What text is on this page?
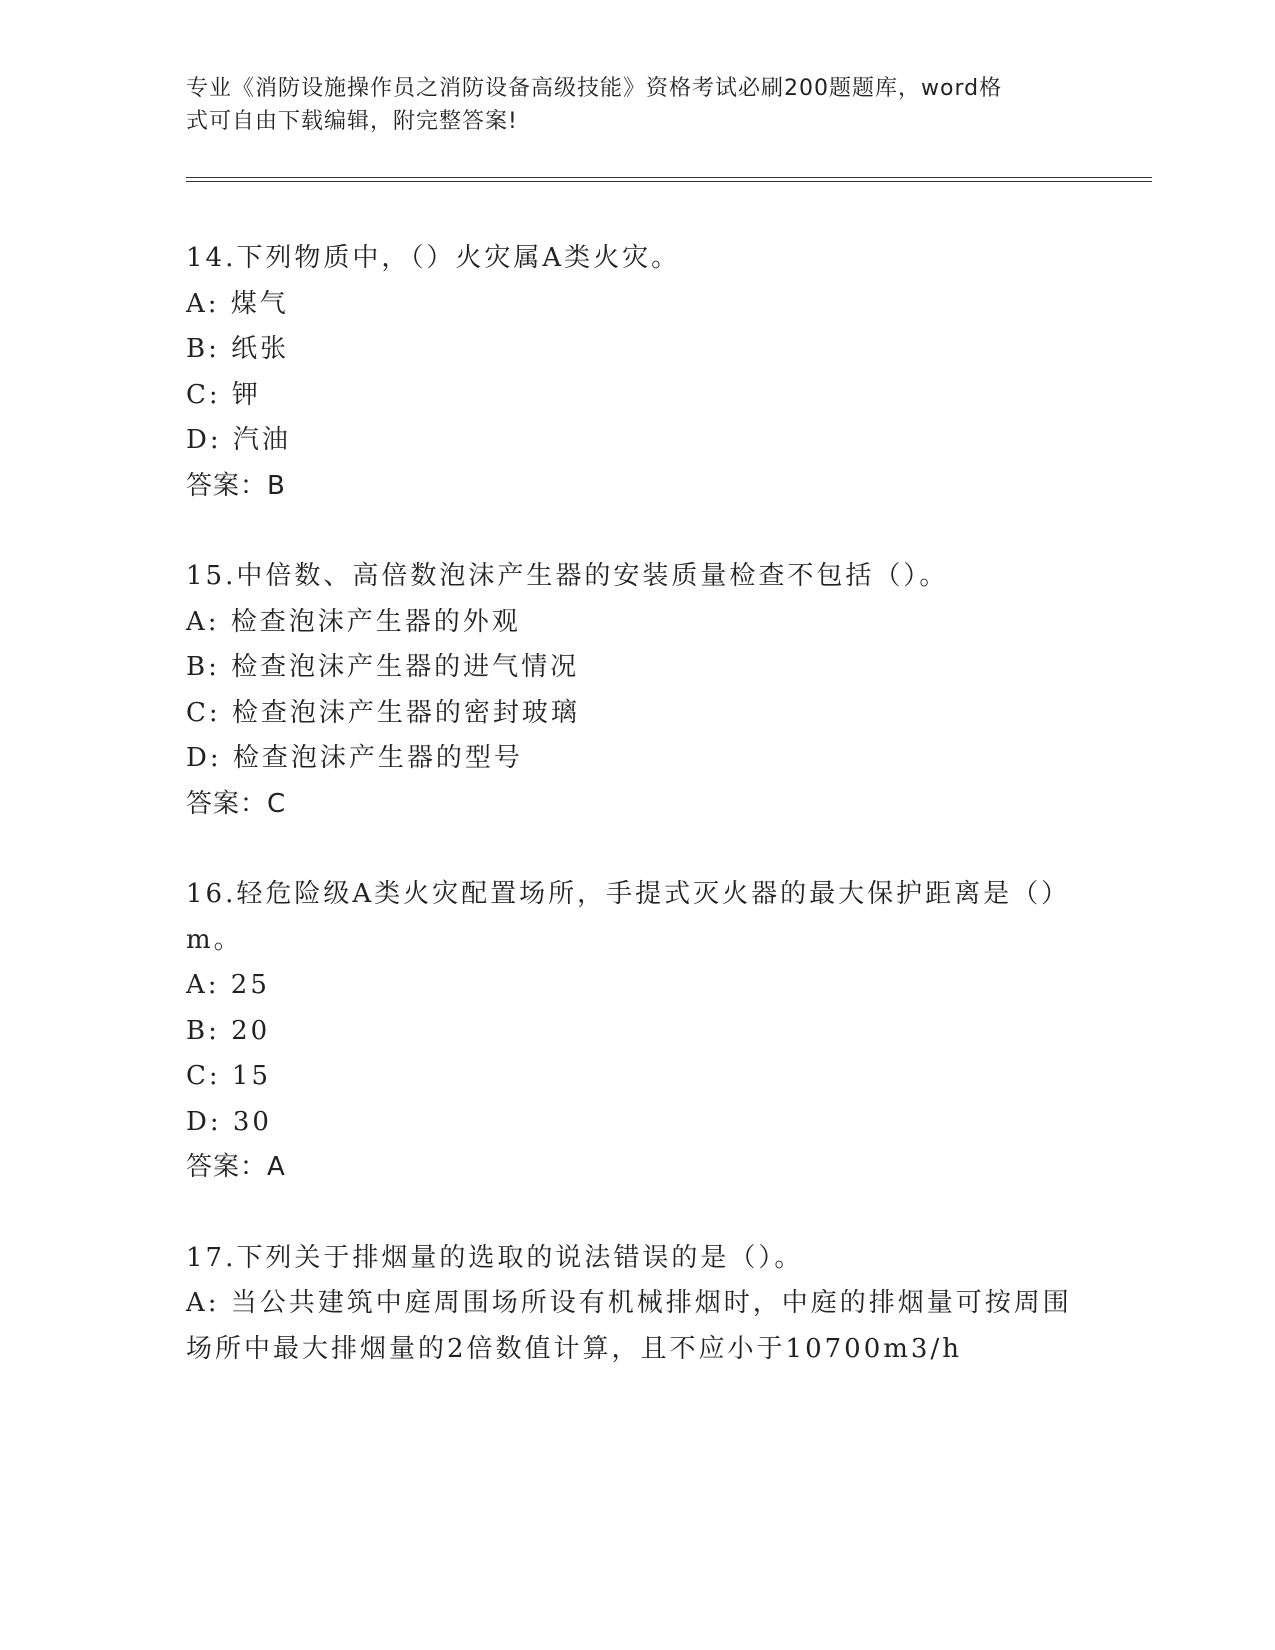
专业《消防设施操作员之消防设备高级技能》资格考试必刷200题题库，word格
式可自由下载编辑，附完整答案!
14.下列物质中，（）火灾属A类火灾。
A: 煤气
B: 纸张
C: 钾
D: 汽油
答案：B
15.中倍数、高倍数泡沫产生器的安装质量检查不包括（）。
A: 检查泡沫产生器的外观
B: 检查泡沫产生器的进气情况
C: 检查泡沫产生器的密封玻璃
D: 检查泡沫产生器的型号
答案：C
16.轻危险级A类火灾配置场所，手提式灭火器的最大保护距离是（）
m。
A: 25
B: 20
C: 15
D: 30
答案：A
17.下列关于排烟量的选取的说法错误的是（）。
A: 当公共建筑中庭周围场所设有机械排烟时，中庭的排烟量可按周围
场所中最大排烟量的2倍数值计算，且不应小于10700m3/h
